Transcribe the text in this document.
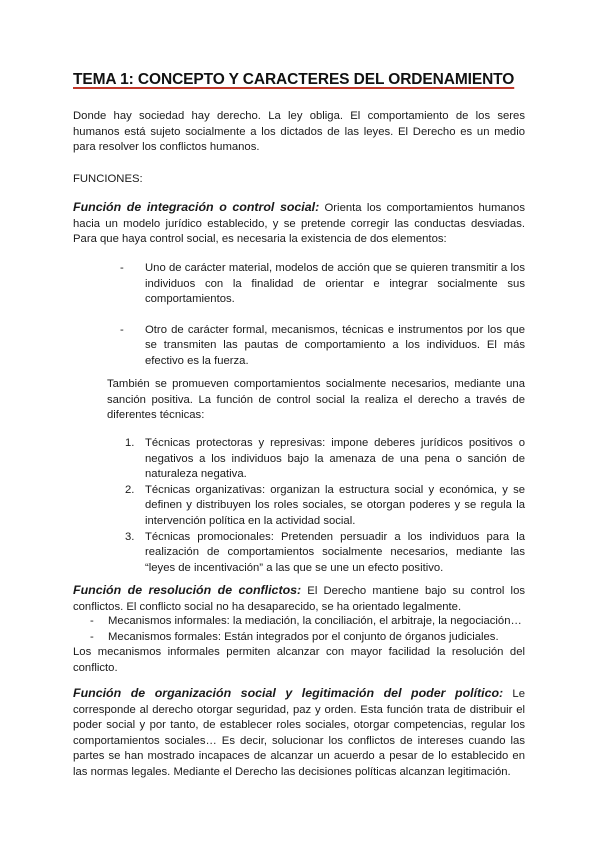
TEMA 1: CONCEPTO Y CARACTERES DEL ORDENAMIENTO

Donde hay sociedad hay derecho. La ley obliga. El comportamiento de los seres humanos está sujeto socialmente a los dictados de las leyes. El Derecho es un medio para resolver los conflictos humanos.

FUNCIONES:

Función de integración o control social: Orienta los comportamientos humanos hacia un modelo jurídico establecido, y se pretende corregir las conductas desviadas. Para que haya control social, es necesaria la existencia de dos elementos:

- Uno de carácter material, modelos de acción que se quieren transmitir a los individuos con la finalidad de orientar e integrar socialmente sus comportamientos.
- Otro de carácter formal, mecanismos, técnicas e instrumentos por los que se transmiten las pautas de comportamiento a los individuos. El más efectivo es la fuerza.

También se promueven comportamientos socialmente necesarios, mediante una sanción positiva. La función de control social la realiza el derecho a través de diferentes técnicas:

1. Técnicas protectoras y represivas: impone deberes jurídicos positivos o negativos a los individuos bajo la amenaza de una pena o sanción de naturaleza negativa.
2. Técnicas organizativas: organizan la estructura social y económica, y se definen y distribuyen los roles sociales, se otorgan poderes y se regula la intervención política en la actividad social.
3. Técnicas promocionales: Pretenden persuadir a los individuos para la realización de comportamientos socialmente necesarios, mediante las “leyes de incentivación” a las que se une un efecto positivo.

Función de resolución de conflictos: El Derecho mantiene bajo su control los conflictos. El conflicto social no ha desaparecido, se ha orientado legalmente.

- Mecanismos informales: la mediación, la conciliación, el arbitraje, la negociación…
- Mecanismos formales: Están integrados por el conjunto de órganos judiciales.

Los mecanismos informales permiten alcanzar con mayor facilidad la resolución del conflicto.

Función de organización social y legitimación del poder político: Le corresponde al derecho otorgar seguridad, paz y orden. Esta función trata de distribuir el poder social y por tanto, de establecer roles sociales, otorgar competencias, regular los comportamientos sociales… Es decir, solucionar los conflictos de intereses cuando las partes se han mostrado incapaces de alcanzar un acuerdo a pesar de lo establecido en las normas legales. Mediante el Derecho las decisiones políticas alcanzan legitimación.
